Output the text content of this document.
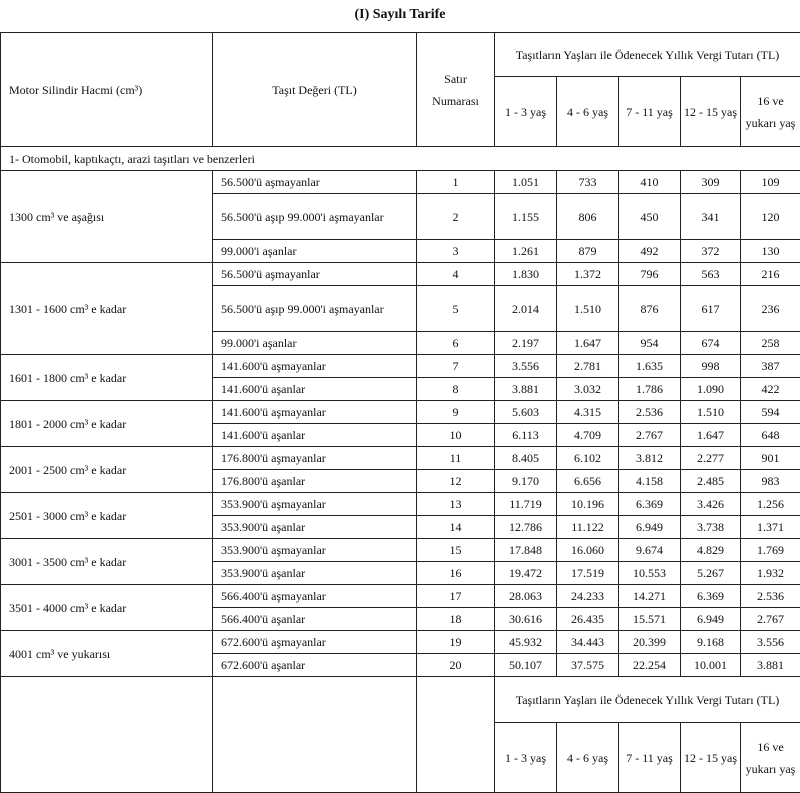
(I) Sayılı Tarife
Motor Silindir Hacmi (cm³)	Taşıt Değeri (TL)	Satır Numarası	Taşıtların Yaşları ile Ödenecek Yıllık Vergi Tutarı (TL)				
			1 - 3 yaş	4 - 6 yaş	7 - 11 yaş	12 - 15 yaş	16 ve yukarı yaş
1- Otomobil, kaptıkaçtı, arazi taşıtları ve benzerleri							
1300 cm³ ve aşağısı	56.500'ü aşmayanlar	1	1.051	733	410	309	109
	56.500'ü aşıp 99.000'i aşmayanlar	2	1.155	806	450	341	120
	99.000'i aşanlar	3	1.261	879	492	372	130
1301 - 1600 cm³ e kadar	56.500'ü aşmayanlar	4	1.830	1.372	796	563	216
	56.500'ü aşıp 99.000'i aşmayanlar	5	2.014	1.510	876	617	236
	99.000'i aşanlar	6	2.197	1.647	954	674	258
1601 - 1800 cm³ e kadar	141.600'ü aşmayanlar	7	3.556	2.781	1.635	998	387
	141.600'ü aşanlar	8	3.881	3.032	1.786	1.090	422
1801 - 2000 cm³ e kadar	141.600'ü aşmayanlar	9	5.603	4.315	2.536	1.510	594
	141.600'ü aşanlar	10	6.113	4.709	2.767	1.647	648
2001 - 2500 cm³ e kadar	176.800'ü aşmayanlar	11	8.405	6.102	3.812	2.277	901
	176.800'ü aşanlar	12	9.170	6.656	4.158	2.485	983
2501 - 3000 cm³ e kadar	353.900'ü aşmayanlar	13	11.719	10.196	6.369	3.426	1.256
	353.900'ü aşanlar	14	12.786	11.122	6.949	3.738	1.371
3001 - 3500 cm³ e kadar	353.900'ü aşmayanlar	15	17.848	16.060	9.674	4.829	1.769
	353.900'ü aşanlar	16	19.472	17.519	10.553	5.267	1.932
3501 - 4000 cm³ e kadar	566.400'ü aşmayanlar	17	28.063	24.233	14.271	6.369	2.536
	566.400'ü aşanlar	18	30.616	26.435	15.571	6.949	2.767
4001 cm³ ve yukarısı	672.600'ü aşmayanlar	19	45.932	34.443	20.399	9.168	3.556
	672.600'ü aşanlar	20	50.107	37.575	22.254	10.001	3.881
			Taşıtların Yaşları ile Ödenecek Yıllık Vergi Tutarı (TL)				
			1 - 3 yaş	4 - 6 yaş	7 - 11 yaş	12 - 15 yaş	16 ve yukarı yaş
